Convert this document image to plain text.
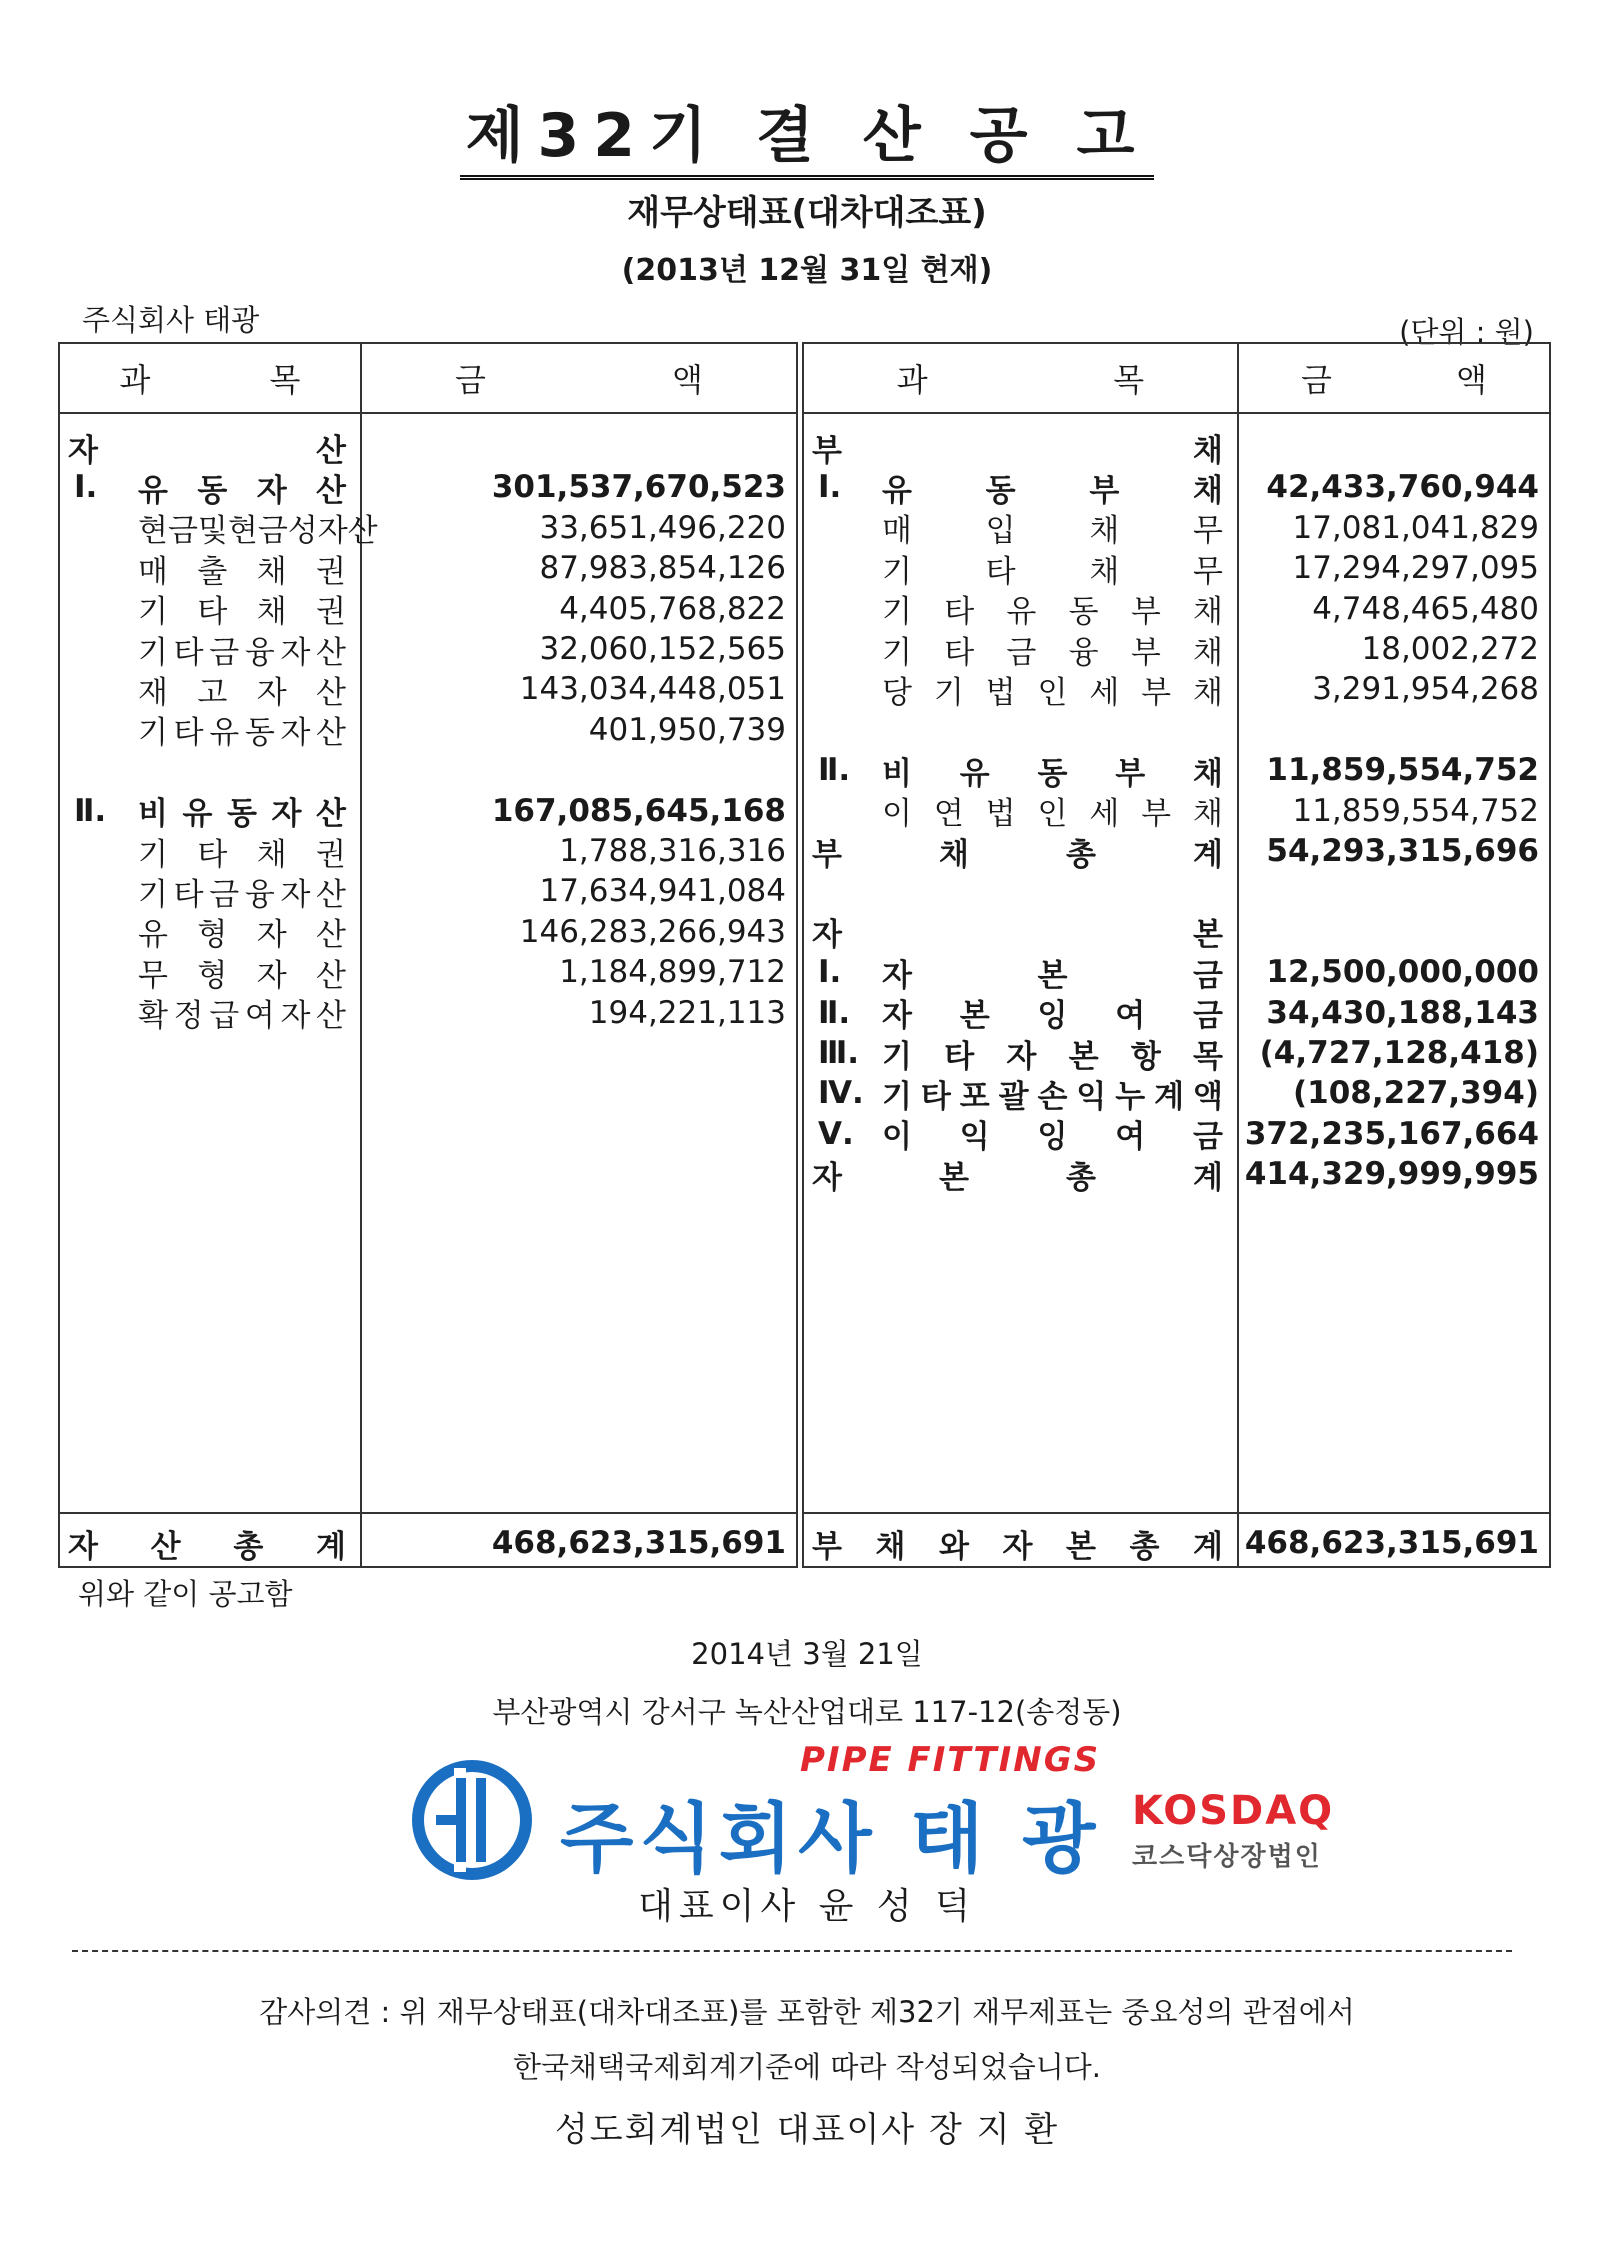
제32기 결 산 공 고
재무상태표(대차대조표)
(2013년 12월 31일 현재)
주식회사 태광	(단위 : 원)
과	목	금	액
자	산
Ⅰ.	유 동 자 산	301,537,670,523
현 금 및 현 금 성 자 산	33,651,496,220
매 출 채 권	87,983,854,126
기 타 채 권	4,405,768,822
기 타 금 융 자 산	32,060,152,565
재 고 자 산	143,034,448,051
기 타 유 동 자 산	401,950,739
Ⅱ.	비 유 동 자 산	167,085,645,168
기 타 채 권	1,788,316,316
기 타 금 융 자 산	17,634,941,084
유 형 자 산	146,283,266,943
무 형 자 산	1,184,899,712
확 정 급 여 자 산	194,221,113
자 산 총 계	468,623,315,691
과	목	금	액
부	채
Ⅰ.	유 동 부 채	42,433,760,944
매 입 채 무	17,081,041,829
기 타 채 무	17,294,297,095
기 타 유 동 부 채	4,748,465,480
기 타 금 융 부 채	18,002,272
당 기 법 인 세 부 채	3,291,954,268
Ⅱ.	비 유 동 부 채	11,859,554,752
이 연 법 인 세 부 채	11,859,554,752
부	채	총	계	54,293,315,696
자	본
Ⅰ.	자	본	금	12,500,000,000
Ⅱ.	자 본 잉 여 금	34,430,188,143
Ⅲ. 기 타 자 본 항 목	(4,727,128,418)
Ⅳ. 기 타 포 괄 손 익 누 계 액	(108,227,394)
Ⅴ. 이 익 잉 여 금 372,235,167,664
자	본	총	계 414,329,999,995
부 채 와 자 본 총 계 468,623,315,691
위와 같이 공고함
2014년 3월 21일
부산광역시 강서구 녹산산업대로 117-12(송정동)
PIPE FITTINGS
주식회사 태 광 KOSDAQ
코스닥상장법인
대표이사 윤 성 덕
감사의견 : 위 재무상태표(대차대조표)를 포함한 제32기 재무제표는 중요성의 관점에서
한국채택국제회계기준에 따라 작성되었습니다.
성도회계법인 대표이사 장 지 환
